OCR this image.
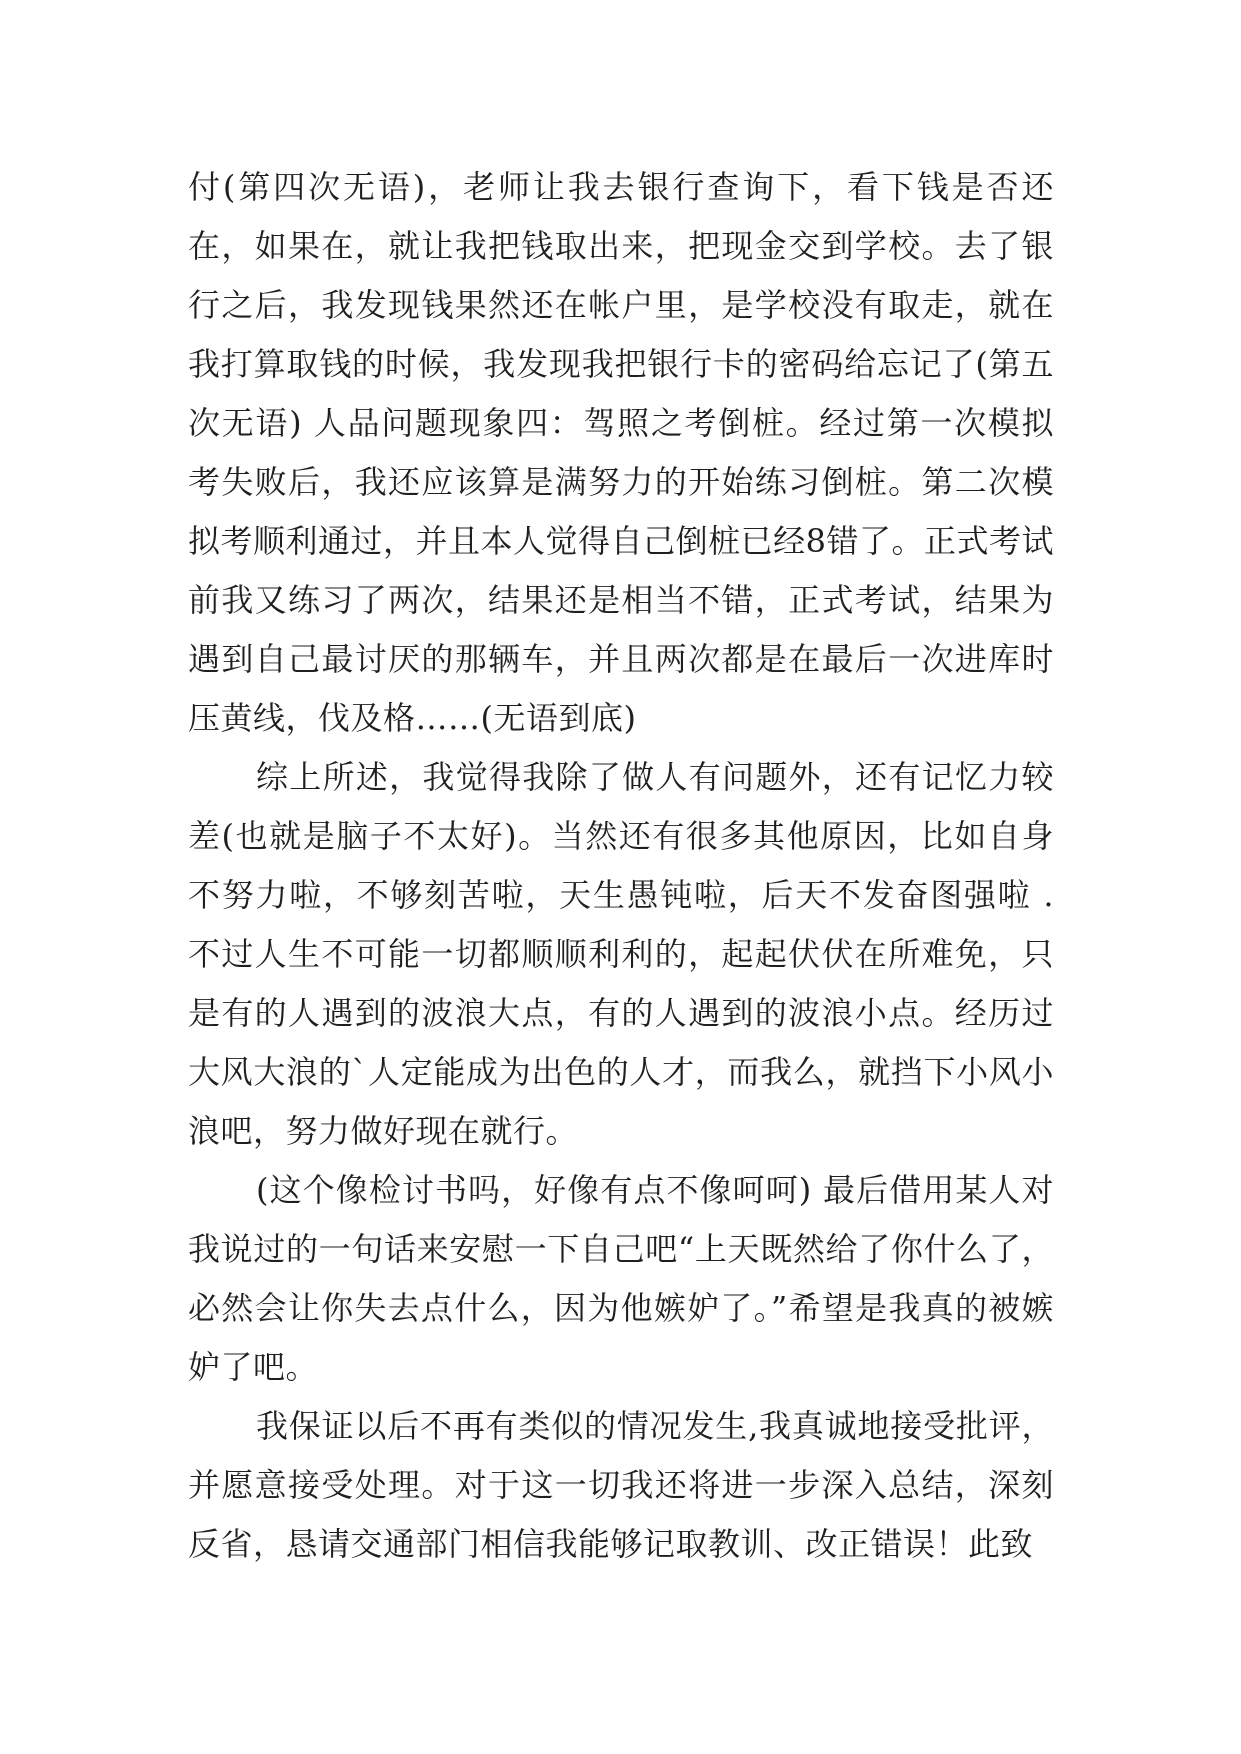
付(第四次无语)，老师让我去银行查询下，看下钱是否还在，如果在，就让我把钱取出来，把现金交到学校。去了银行之后，我发现钱果然还在帐户里，是学校没有取走，就在我打算取钱的时候，我发现我把银行卡的密码给忘记了(第五次无语) 人品问题现象四：驾照之考倒桩。经过第一次模拟考失败后，我还应该算是满努力的开始练习倒桩。第二次模拟考顺利通过，并且本人觉得自己倒桩已经8错了。正式考试前我又练习了两次，结果还是相当不错，正式考试，结果为遇到自己最讨厌的那辆车，并且两次都是在最后一次进库时压黄线，伐及格……(无语到底)

综上所述，我觉得我除了做人有问题外，还有记忆力较差(也就是脑子不太好)。当然还有很多其他原因，比如自身不努力啦，不够刻苦啦，天生愚钝啦，后天不发奋图强啦 .不过人生不可能一切都顺顺利利的，起起伏伏在所难免，只是有的人遇到的波浪大点，有的人遇到的波浪小点。经历过大风大浪的`人定能成为出色的人才，而我么，就挡下小风小浪吧，努力做好现在就行。

(这个像检讨书吗，好像有点不像呵呵) 最后借用某人对我说过的一句话来安慰一下自己吧“上天既然给了你什么了，必然会让你失去点什么，因为他嫉妒了。”希望是我真的被嫉妒了吧。

我保证以后不再有类似的情况发生,我真诚地接受批评，并愿意接受处理。对于这一切我还将进一步深入总结，深刻反省，恳请交通部门相信我能够记取教训、改正错误！此致
